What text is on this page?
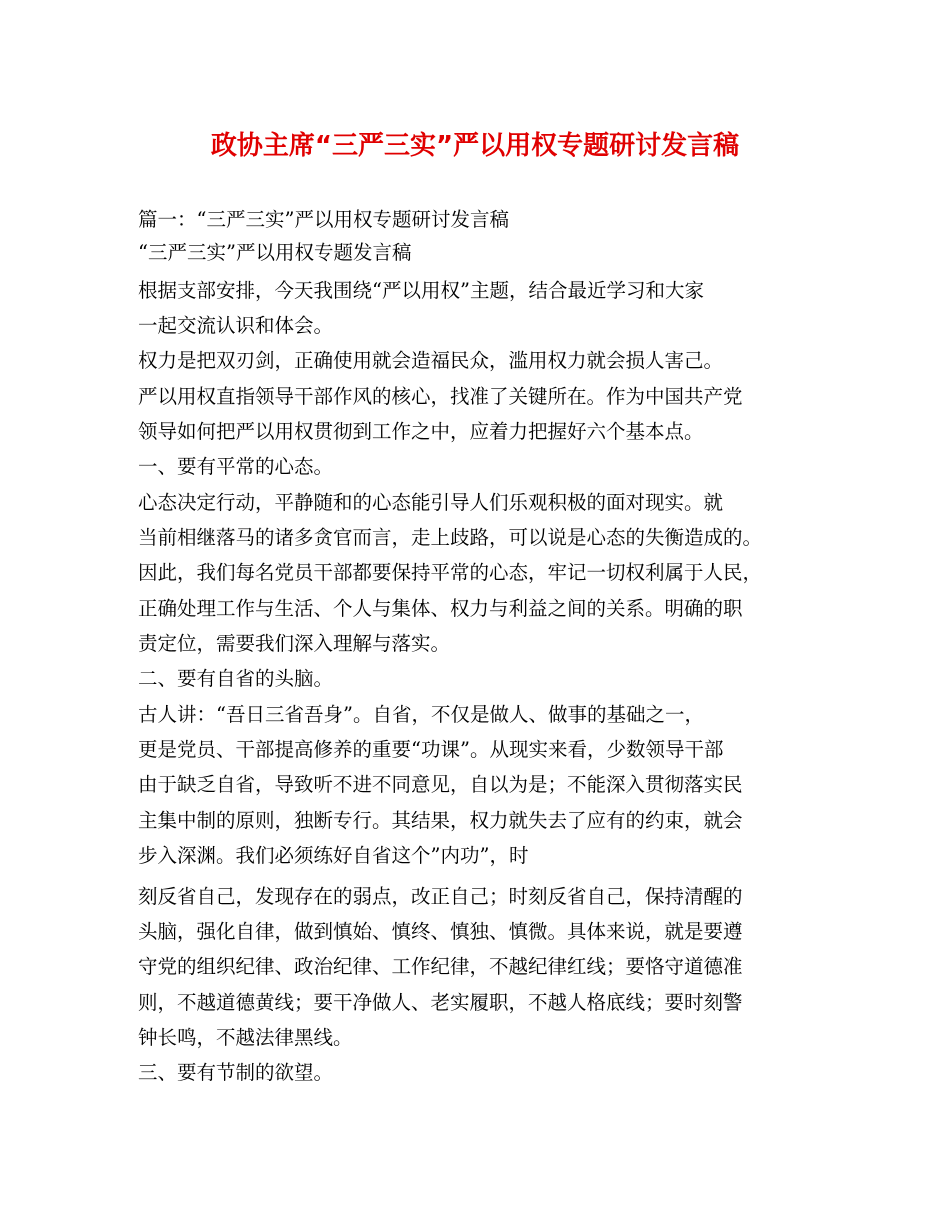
政协主席“三严三实”严以用权专题研讨发言稿
篇一：“三严三实”严以用权专题研讨发言稿
“三严三实”严以用权专题发言稿
根据支部安排，今天我围绕“严以用权”主题，结合最近学习和大家
一起交流认识和体会。
权力是把双刃剑，正确使用就会造福民众，滥用权力就会损人害己。
严以用权直指领导干部作风的核心，找准了关键所在。作为中国共产党
领导如何把严以用权贯彻到工作之中，应着力把握好六个基本点。
一、要有平常的心态。
心态决定行动，平静随和的心态能引导人们乐观积极的面对现实。就
当前相继落马的诸多贪官而言，走上歧路，可以说是心态的失衡造成的。
因此，我们每名党员干部都要保持平常的心态，牢记一切权利属于人民，
正确处理工作与生活、个人与集体、权力与利益之间的关系。明确的职
责定位，需要我们深入理解与落实。
二、要有自省的头脑。
古人讲：“吾日三省吾身”。自省，不仅是做人、做事的基础之一，
更是党员、干部提高修养的重要“功课”。从现实来看，少数领导干部
由于缺乏自省，导致听不进不同意见，自以为是；不能深入贯彻落实民
主集中制的原则，独断专行。其结果，权力就失去了应有的约束，就会
步入深渊。我们必须练好自省这个”内功”，时
刻反省自己，发现存在的弱点，改正自己；时刻反省自己，保持清醒的
头脑，强化自律，做到慎始、慎终、慎独、慎微。具体来说，就是要遵
守党的组织纪律、政治纪律、工作纪律，不越纪律红线；要恪守道德准
则，不越道德黄线；要干净做人、老实履职，不越人格底线；要时刻警
钟长鸣，不越法律黑线。
三、要有节制的欲望。
